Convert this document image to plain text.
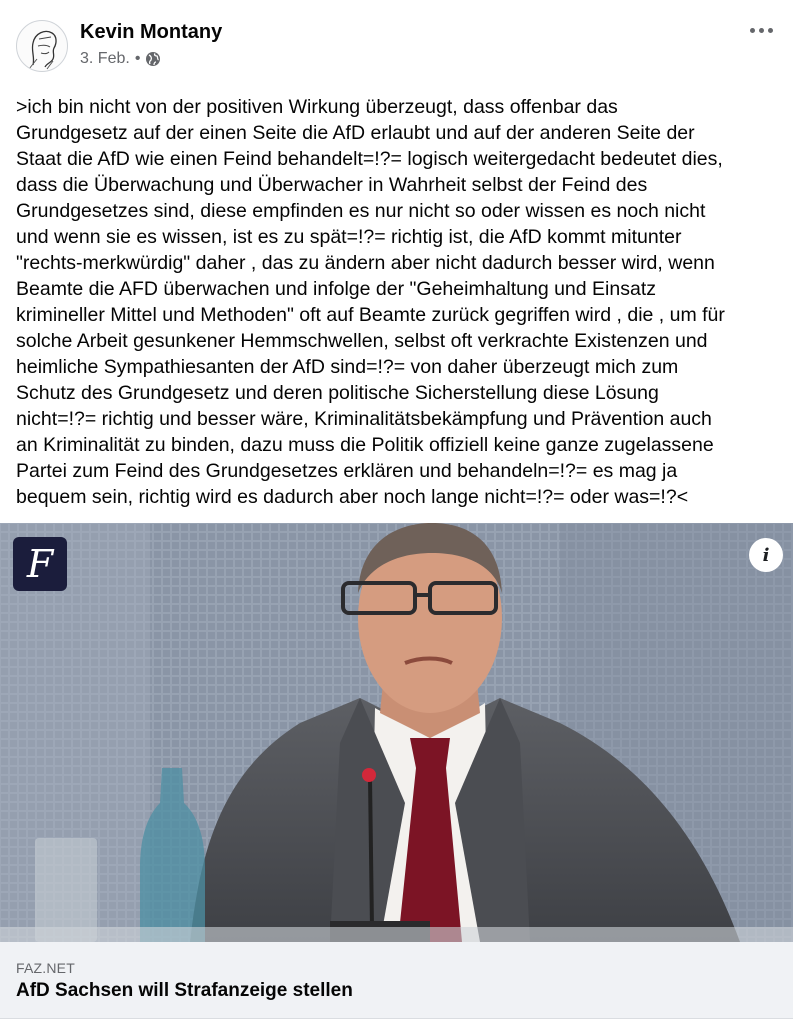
Kevin Montany
3. Feb. •

>ich bin nicht von der positiven Wirkung überzeugt, dass offenbar das
Grundgesetz auf der einen Seite die AfD erlaubt und auf der anderen Seite der
Staat die AfD wie einen Feind behandelt=!?= logisch weitergedacht bedeutet dies,
dass die Überwachung und Überwacher in Wahrheit selbst der Feind des
Grundgesetzes sind, diese empfinden es nur nicht so oder wissen es noch nicht
und wenn sie es wissen, ist es zu spät=!?= richtig ist, die AfD kommt mitunter
"rechts-merkwürdig" daher , das zu ändern aber nicht dadurch besser wird, wenn
Beamte die AFD überwachen und infolge der "Geheimhaltung und Einsatz
krimineller Mittel und Methoden" oft auf Beamte zurück gegriffen wird , die , um für
solche Arbeit gesunkener Hemmschwellen, selbst oft verkrachte Existenzen und
heimliche Sympathiesanten der AfD sind=!?= von daher überzeugt mich zum
Schutz des Grundgesetz und deren politische Sicherstellung diese Lösung
nicht=!?= richtig und besser wäre, Kriminalitätsbekämpfung und Prävention auch
an Kriminalität zu binden, dazu muss die Politik offiziell keine ganze zugelassene
Partei zum Feind des Grundgesetzes erklären und behandeln=!?= es mag ja
bequem sein, richtig wird es dadurch aber noch lange nicht=!?= oder was=!?<

F	i
FAZ.NET
AfD Sachsen will Strafanzeige stellen
